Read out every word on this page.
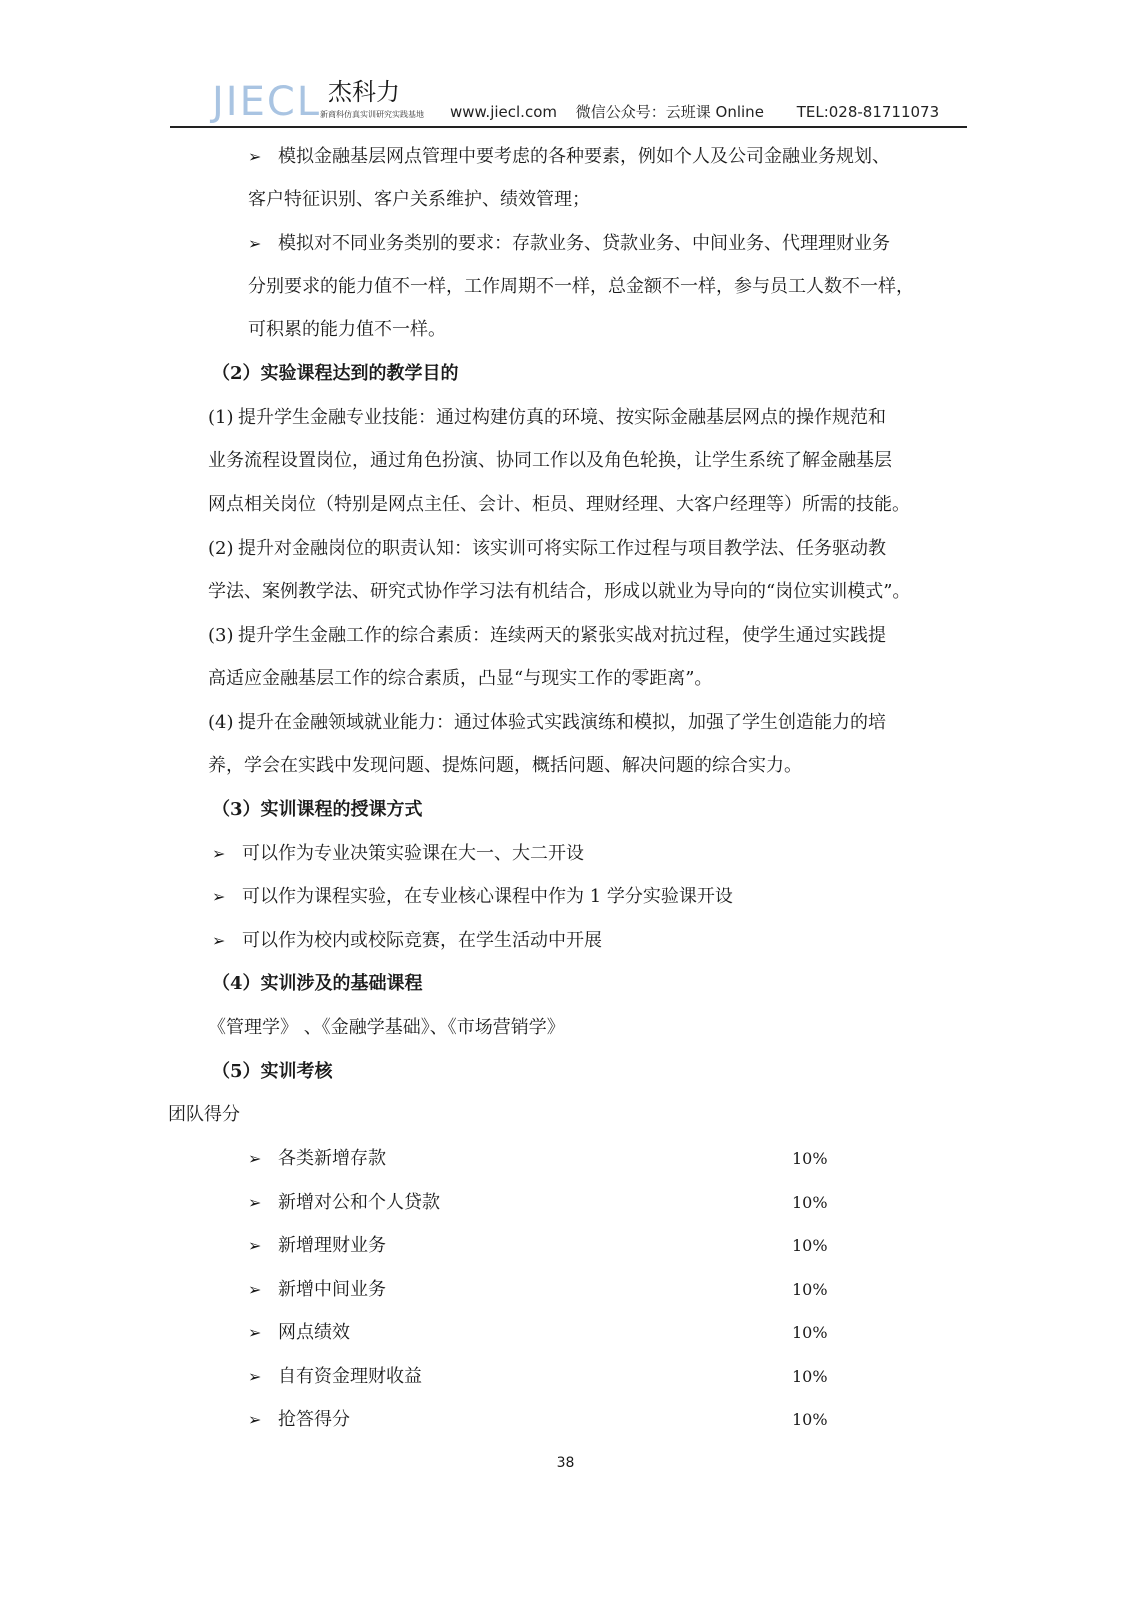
JIECL 杰科力
新商科仿真实训研究实践基地 www.jiecl.com 微信公众号：云班课 Online TEL:028-81711073
➢ 模拟金融基层网点管理中要考虑的各种要素，例如个人及公司金融业务规划、
客户特征识别、客户关系维护、绩效管理；
➢ 模拟对不同业务类别的要求：存款业务、贷款业务、中间业务、代理理财业务
分别要求的能力值不一样，工作周期不一样，总金额不一样，参与员工人数不一样，
可积累的能力值不一样。
（2）实验课程达到的教学目的
(1) 提升学生金融专业技能：通过构建仿真的环境、按实际金融基层网点的操作规范和
业务流程设置岗位，通过角色扮演、协同工作以及角色轮换，让学生系统了解金融基层
网点相关岗位（特别是网点主任、会计、柜员、理财经理、大客户经理等）所需的技能。
(2) 提升对金融岗位的职责认知：该实训可将实际工作过程与项目教学法、任务驱动教
学法、案例教学法、研究式协作学习法有机结合，形成以就业为导向的“岗位实训模式”。
(3) 提升学生金融工作的综合素质：连续两天的紧张实战对抗过程，使学生通过实践提
高适应金融基层工作的综合素质，凸显“与现实工作的零距离”。
(4) 提升在金融领域就业能力：通过体验式实践演练和模拟，加强了学生创造能力的培
养，学会在实践中发现问题、提炼问题，概括问题、解决问题的综合实力。
（3）实训课程的授课方式
➢ 可以作为专业决策实验课在大一、大二开设
➢ 可以作为课程实验，在专业核心课程中作为 1 学分实验课开设
➢ 可以作为校内或校际竞赛，在学生活动中开展
（4）实训涉及的基础课程
《管理学》 、《金融学基础》、《市场营销学》
（5）实训考核
团队得分
➢ 各类新增存款	10%
➢ 新增对公和个人贷款	10%
➢ 新增理财业务	10%
➢ 新增中间业务	10%
➢ 网点绩效	10%
➢ 自有资金理财收益	10%
➢ 抢答得分	10%
38
